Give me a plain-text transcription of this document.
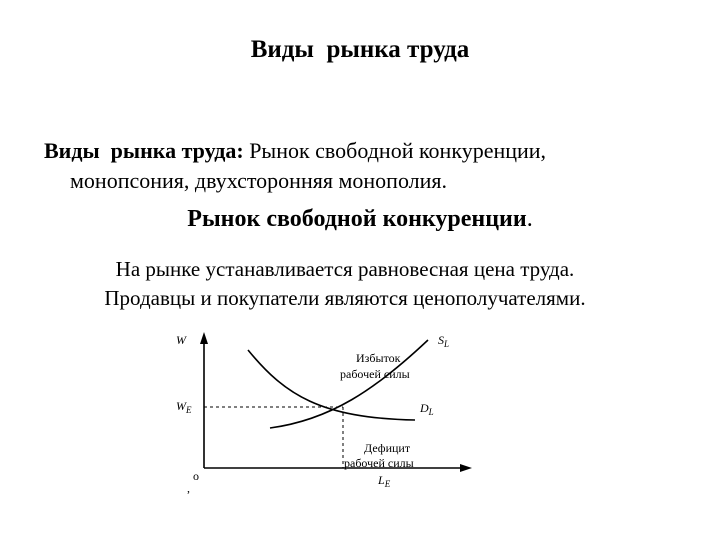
Виды  рынка труда
Виды  рынка труда: Рынок свободной конкуренции,
монопсония, двухсторонняя монополия.
Рынок свободной конкуренции.
На рынке устанавливается равновесная цена труда.
Продавцы и покупатели являются ценополучателями.
W
o
,
$W_E$
$L_E$
$S_L$
$D_L$
Избыток
рабочей силы
Дефицит
рабочей силы
